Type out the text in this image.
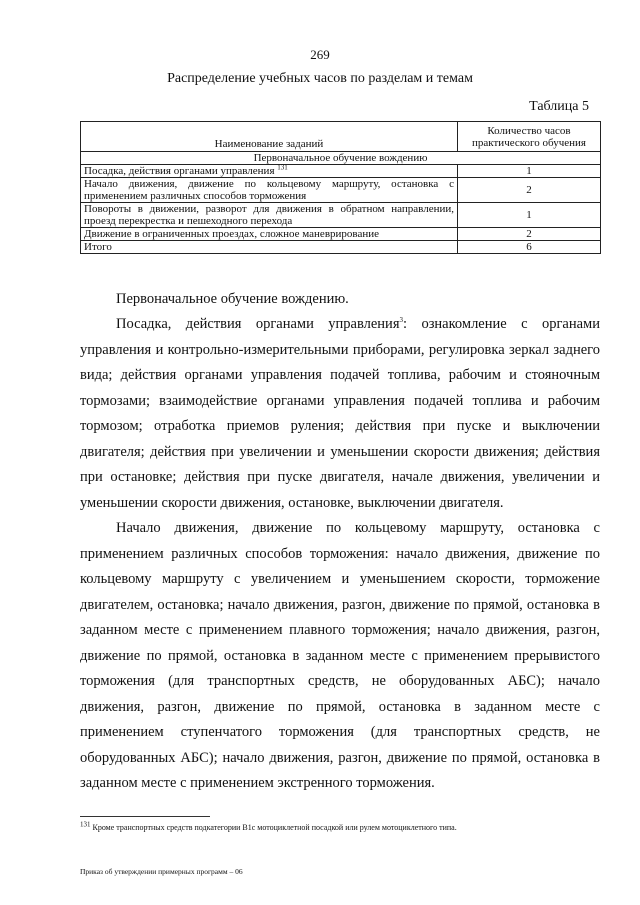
269
Распределение учебных часов по разделам и темам
Таблица 5
Наименование заданий	Количество часов практического обучения
Первоначальное обучение вождению	
Посадка, действия органами управления $^{131}$	1
Начало движения, движение по кольцевому маршруту, остановка с применением различных способов торможения	2
Повороты в движении, разворот для движения в обратном направлении, проезд перекрестка и пешеходного перехода	1
Движение в ограниченных проездах, сложное маневрирование	2
Итого	6

Первоначальное обучение вождению.

Посадка, действия органами управления$^3$: ознакомление с органами управления и контрольно-измерительными приборами, регулировка зеркал заднего вида; действия органами управления подачей топлива, рабочим и стояночным тормозами; взаимодействие органами управления подачей топлива и рабочим тормозом; отработка приемов руления; действия при пуске и выключении двигателя; действия при увеличении и уменьшении скорости движения; действия при остановке; действия при пуске двигателя, начале движения, увеличении и уменьшении скорости движения, остановке, выключении двигателя.

Начало движения, движение по кольцевому маршруту, остановка с применением различных способов торможения: начало движения, движение по кольцевому маршруту с увеличением и уменьшением скорости, торможение двигателем, остановка; начало движения, разгон, движение по прямой, остановка в заданном месте с применением плавного торможения; начало движения, разгон, движение по прямой, остановка в заданном месте с применением прерывистого торможения (для транспортных средств, не оборудованных АБС); начало движения, разгон, движение по прямой, остановка в заданном месте с применением ступенчатого торможения (для транспортных средств, не оборудованных АБС); начало движения, разгон, движение по прямой, остановка в заданном месте с применением экстренного торможения.

$^{131}$ Кроме транспортных средств подкатегории В1с мотоциклетной посадкой или рулем мотоциклетного типа.
Приказ об утверждении примерных программ – 06
